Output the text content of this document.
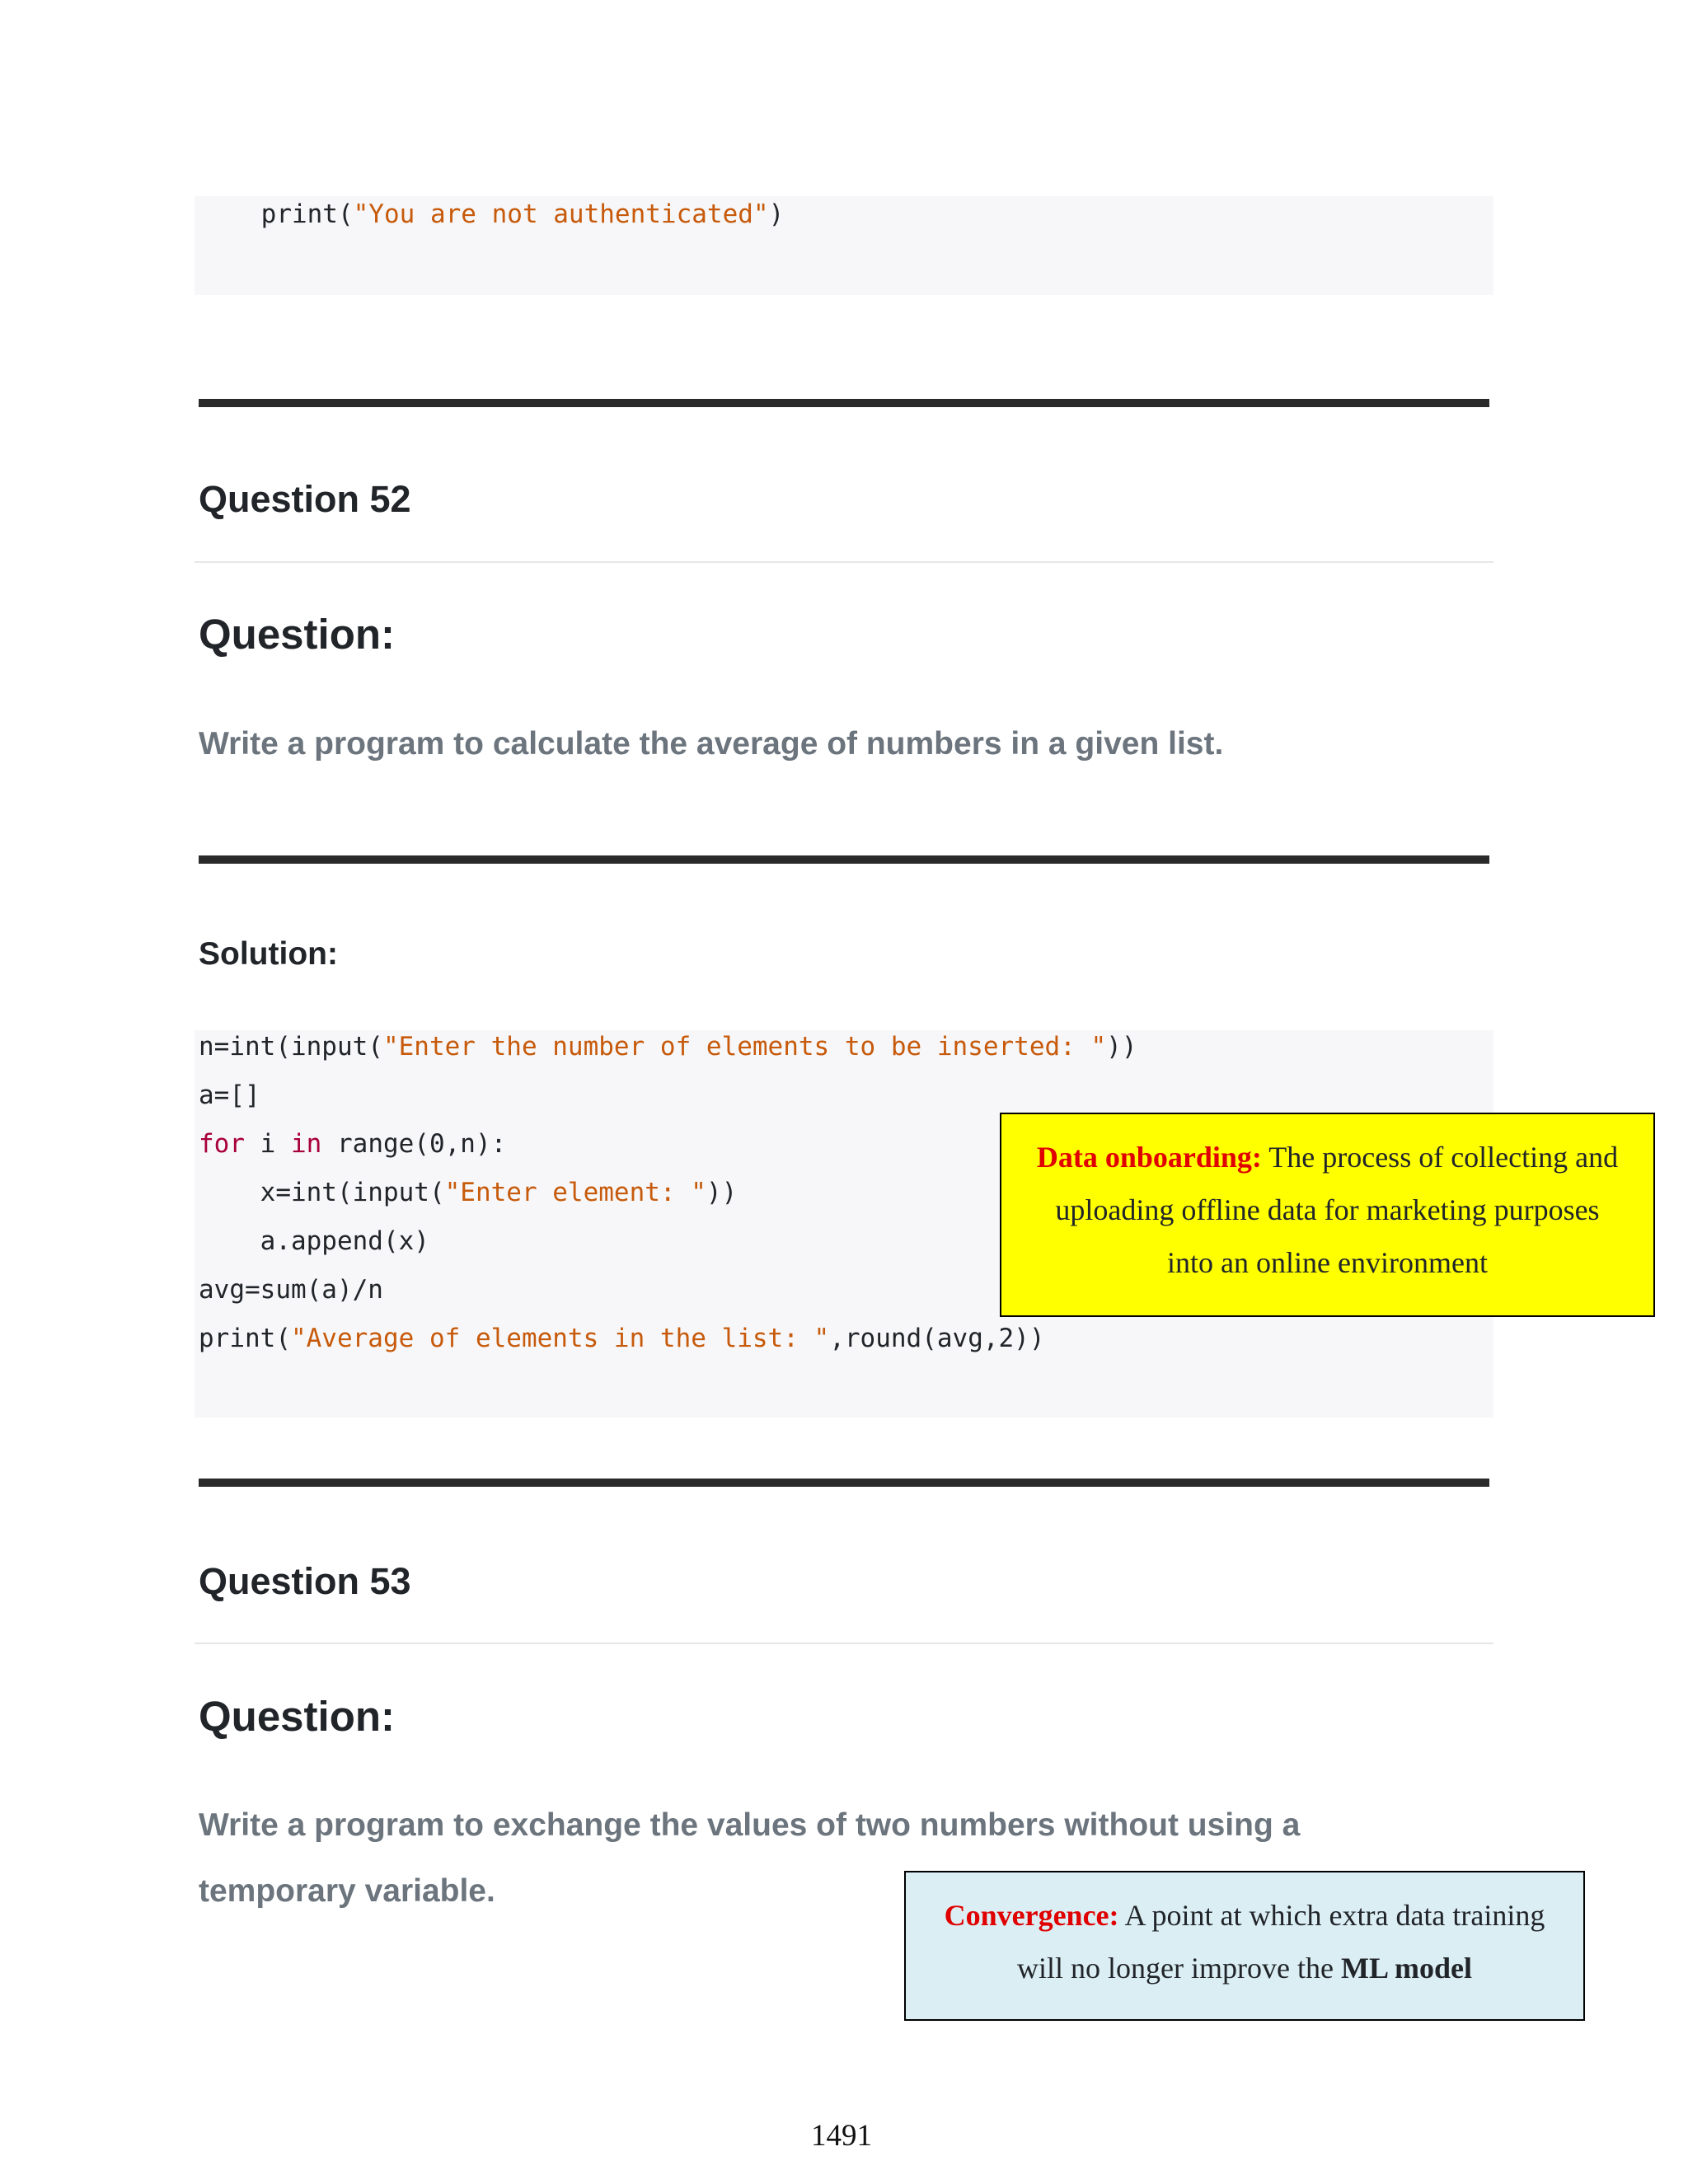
print("You are not authenticated")
Question 52
Question:
Write a program to calculate the average of numbers in a given list.
Solution:
n=int(input("Enter the number of elements to be inserted: "))
a=[]
for i in range(0,n):
x=int(input("Enter element: "))
a.append(x)
avg=sum(a)/n
print("Average of elements in the list: ",round(avg,2))
Data onboarding: The process of collecting and
uploading offline data for marketing purposes
into an online environment
Question 53
Question:
Write a program to exchange the values of two numbers without using a
temporary variable.
Convergence: A point at which extra data training
will no longer improve the ML model
1491
